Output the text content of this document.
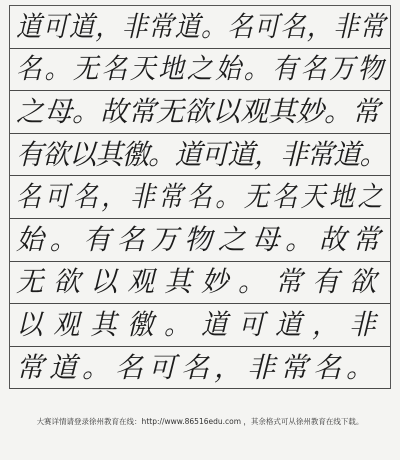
道可道，非常道。名可名，非常
名。无名天地之始。有名万物
之母。故常无欲以观其妙。常
有欲以其徼。道可道，非常道。
名可名，非常名。无名天地之
始。有名万物之母。故常
无欲以观其妙。常有欲
以观其徼。道可道，非
常道。名可名，非常名。
大赛详情请登录徐州教育在线：http://www.86516edu.com ，其余格式可从徐州教育在线下载。
